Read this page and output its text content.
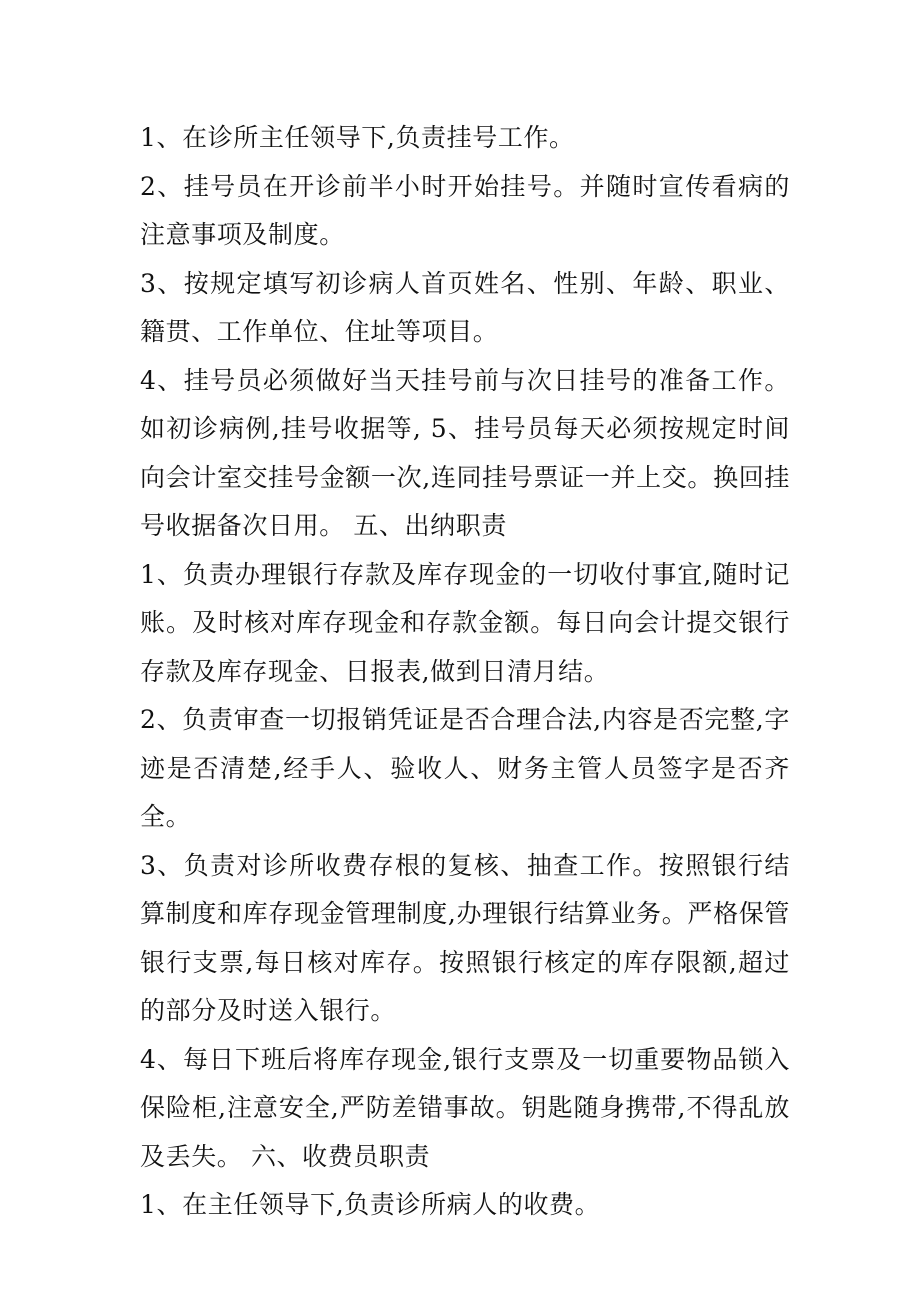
1、在诊所主任领导下,负责挂号工作。

2、挂号员在开诊前半小时开始挂号。并随时宣传看病的注意事项及制度。

3、按规定填写初诊病人首页姓名、性别、年龄、职业、籍贯、工作单位、住址等项目。

4、挂号员必须做好当天挂号前与次日挂号的准备工作。如初诊病例,挂号收据等, 5、挂号员每天必须按规定时间向会计室交挂号金额一次,连同挂号票证一并上交。换回挂号收据备次日用。 五、出纳职责

1、负责办理银行存款及库存现金的一切收付事宜,随时记账。及时核对库存现金和存款金额。每日向会计提交银行存款及库存现金、日报表,做到日清月结。

2、负责审查一切报销凭证是否合理合法,内容是否完整,字迹是否清楚,经手人、验收人、财务主管人员签字是否齐全。

3、负责对诊所收费存根的复核、抽查工作。按照银行结算制度和库存现金管理制度,办理银行结算业务。严格保管银行支票,每日核对库存。按照银行核定的库存限额,超过的部分及时送入银行。

4、每日下班后将库存现金,银行支票及一切重要物品锁入保险柜,注意安全,严防差错事故。钥匙随身携带,不得乱放及丢失。 六、收费员职责

1、在主任领导下,负责诊所病人的收费。
